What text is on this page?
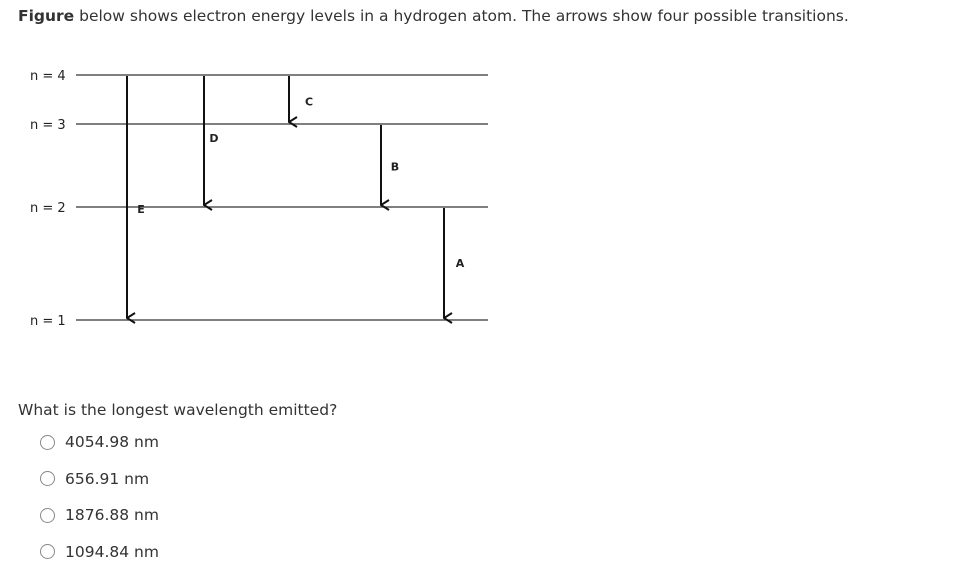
Figure below shows electron energy levels in a hydrogen atom. The arrows show four possible transitions.
n = 4
n = 3
n = 2
n = 1
E
D
C
B
A
What is the longest wavelength emitted?
4054.98 nm
656.91 nm
1876.88 nm
1094.84 nm
